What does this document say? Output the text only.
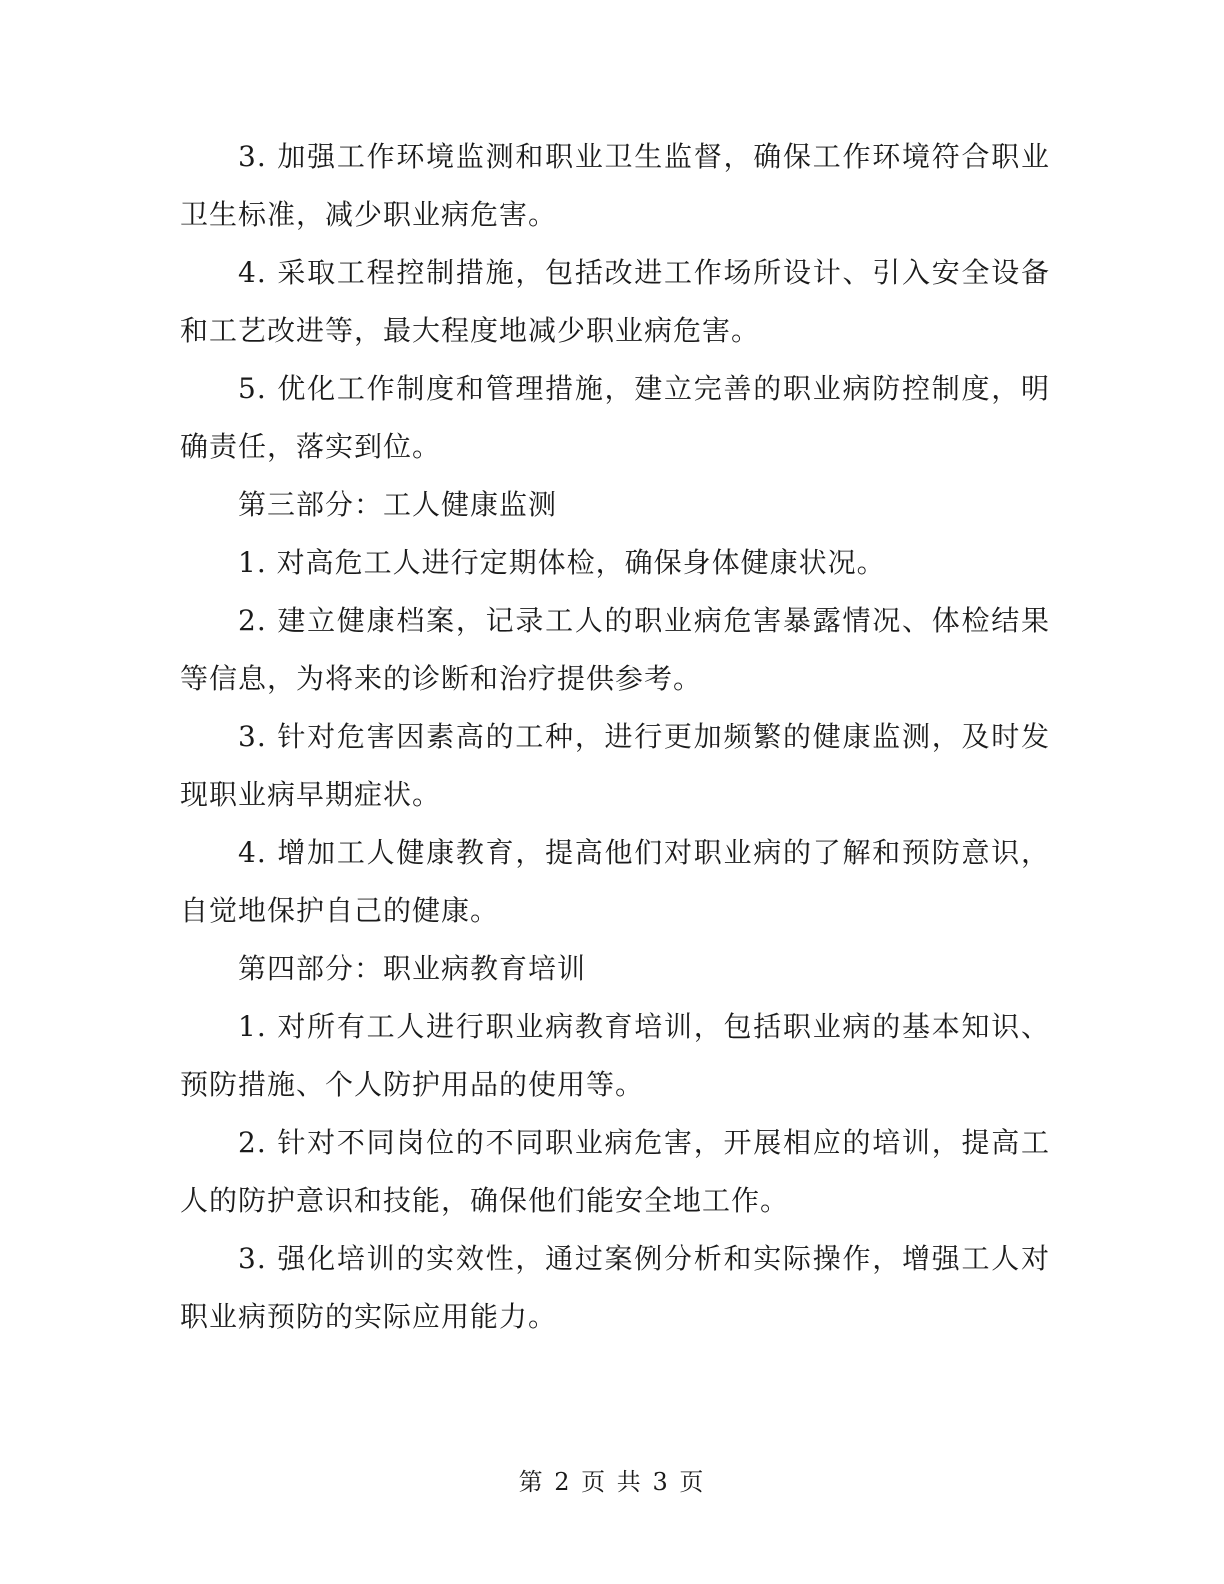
3. 加强工作环境监测和职业卫生监督，确保工作环境符合职业卫生标准，减少职业病危害。

4. 采取工程控制措施，包括改进工作场所设计、引入安全设备和工艺改进等，最大程度地减少职业病危害。

5. 优化工作制度和管理措施，建立完善的职业病防控制度，明确责任，落实到位。

第三部分：工人健康监测

1. 对高危工人进行定期体检，确保身体健康状况。

2. 建立健康档案，记录工人的职业病危害暴露情况、体检结果等信息，为将来的诊断和治疗提供参考。

3. 针对危害因素高的工种，进行更加频繁的健康监测，及时发现职业病早期症状。

4. 增加工人健康教育，提高他们对职业病的了解和预防意识，自觉地保护自己的健康。

第四部分：职业病教育培训

1. 对所有工人进行职业病教育培训，包括职业病的基本知识、预防措施、个人防护用品的使用等。

2. 针对不同岗位的不同职业病危害，开展相应的培训，提高工人的防护意识和技能，确保他们能安全地工作。

3. 强化培训的实效性，通过案例分析和实际操作，增强工人对职业病预防的实际应用能力。

第 2 页 共 3 页
